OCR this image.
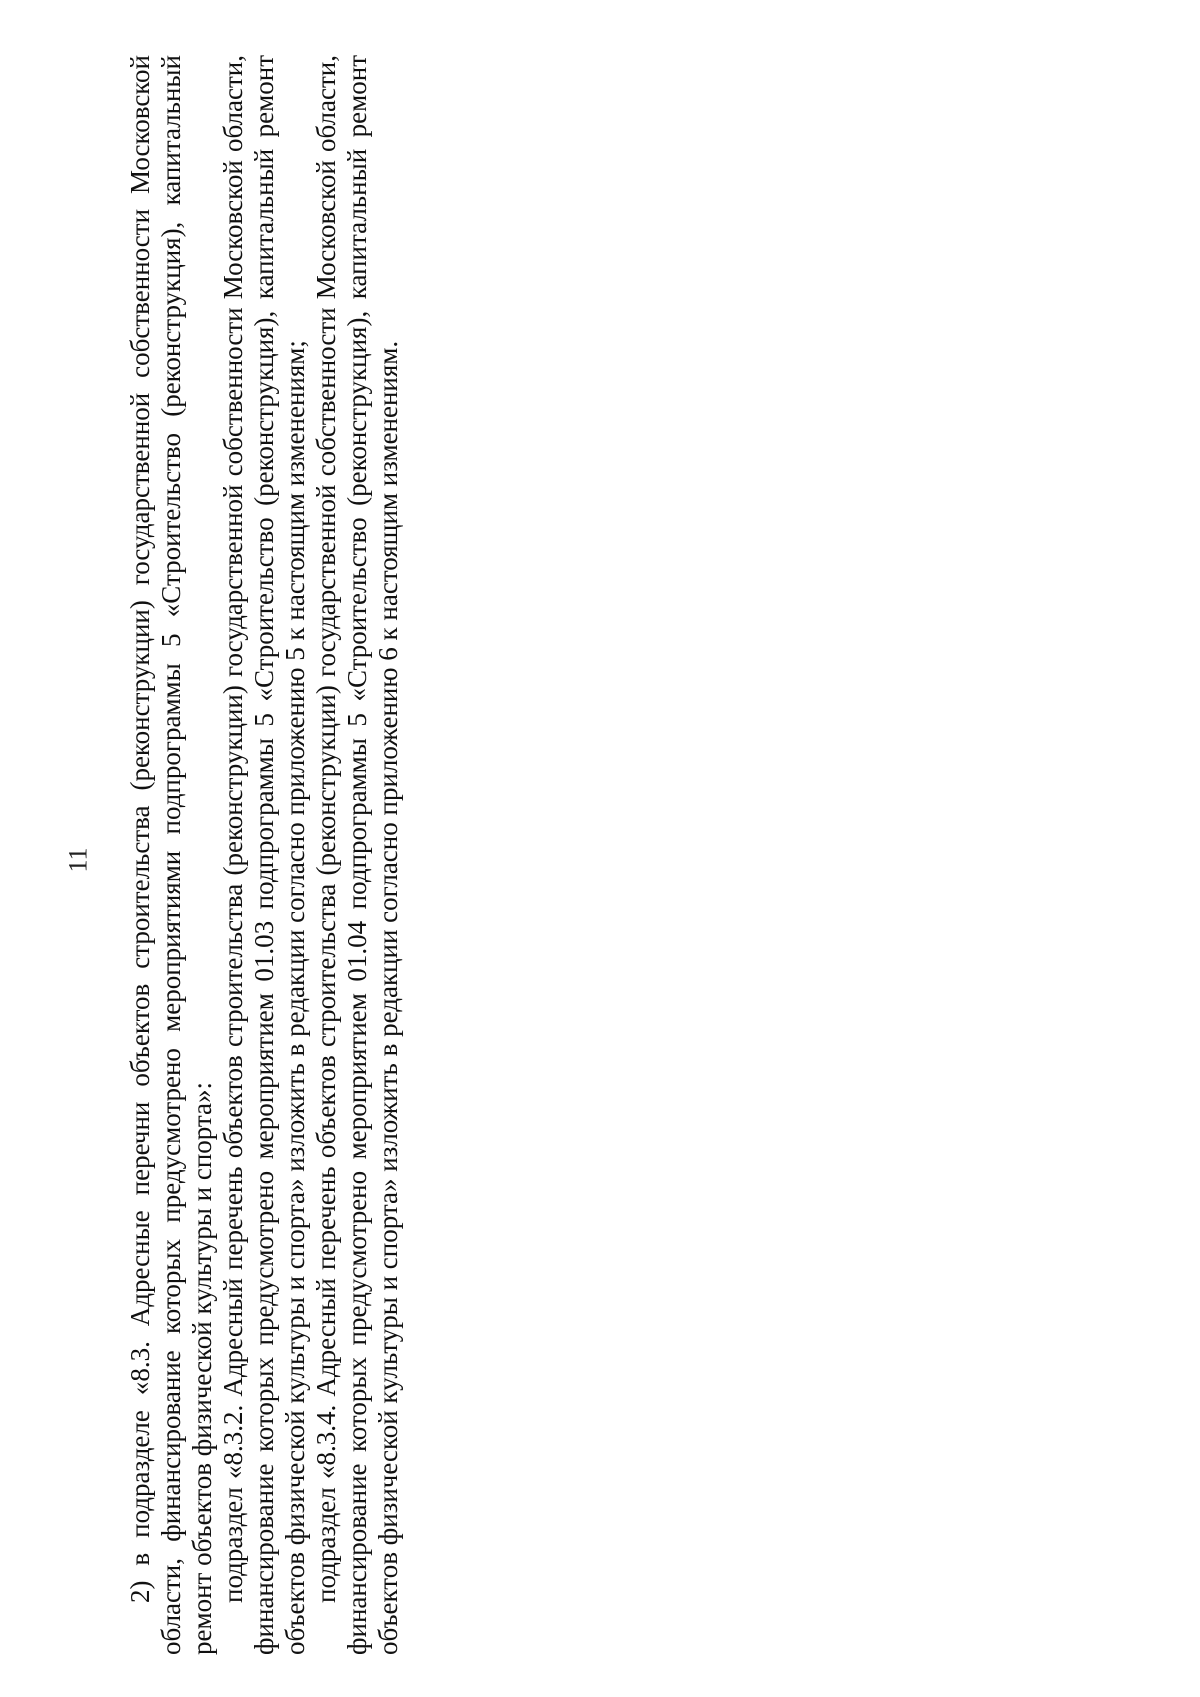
11 2) в подразделе «8.3. Адресные перечни объектов строительства (реконструкции) государственной собственности Московской области, финансирование которых предусмотрено мероприятиями подпрограммы 5 «Строительство (реконструкция), капитальный ремонт объектов физической культуры и спорта»: подраздел «8.3.2. Адресный перечень объектов строительства (реконструкции) государственной собственности Московской области, финансирование которых предусмотрено мероприятием 01.03 подпрограммы 5 «Строительство (реконструкция), капитальный ремонт объектов физической культуры и спорта» изложить в редакции согласно приложению 5 к настоящим изменениям; подраздел «8.3.4. Адресный перечень объектов строительства (реконструкции) государственной собственности Московской области, финансирование которых предусмотрено мероприятием 01.04 подпрограммы 5 «Строительство (реконструкция), капитальный ремонт объектов физической культуры и спорта» изложить в редакции согласно приложению 6 к настоящим изменениям.
